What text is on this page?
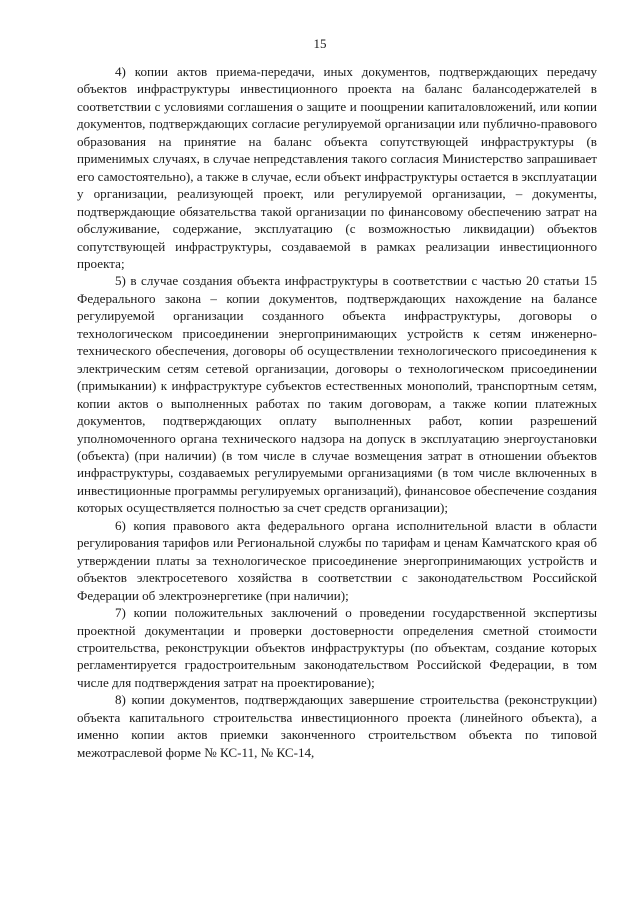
15

4) копии актов приема-передачи, иных документов, подтверждающих передачу объектов инфраструктуры инвестиционного проекта на баланс балансодержателей в соответствии с условиями соглашения о защите и поощрении капиталовложений, или копии документов, подтверждающих согласие регулируемой организации или публично-правового образования на принятие на баланс объекта сопутствующей инфраструктуры (в применимых случаях, в случае непредставления такого согласия Министерство запрашивает его самостоятельно), а также в случае, если объект инфраструктуры остается в эксплуатации у организации, реализующей проект, или регулируемой организации, – документы, подтверждающие обязательства такой организации по финансовому обеспечению затрат на обслуживание, содержание, эксплуатацию (с возможностью ликвидации) объектов сопутствующей инфраструктуры, создаваемой в рамках реализации инвестиционного проекта;

5) в случае создания объекта инфраструктуры в соответствии с частью 20 статьи 15 Федерального закона – копии документов, подтверждающих нахождение на балансе регулируемой организации созданного объекта инфраструктуры, договоры о технологическом присоединении энергопринимающих устройств к сетям инженерно-технического обеспечения, договоры об осуществлении технологического присоединения к электрическим сетям сетевой организации, договоры о технологическом присоединении (примыкании) к инфраструктуре субъектов естественных монополий, транспортным сетям, копии актов о выполненных работах по таким договорам, а также копии платежных документов, подтверждающих оплату выполненных работ, копии разрешений уполномоченного органа технического надзора на допуск в эксплуатацию энергоустановки (объекта) (при наличии) (в том числе в случае возмещения затрат в отношении объектов инфраструктуры, создаваемых регулируемыми организациями (в том числе включенных в инвестиционные программы регулируемых организаций), финансовое обеспечение создания которых осуществляется полностью за счет средств организации);

6) копия правового акта федерального органа исполнительной власти в области регулирования тарифов или Региональной службы по тарифам и ценам Камчатского края об утверждении платы за технологическое присоединение энергопринимающих устройств и объектов электросетевого хозяйства в соответствии с законодательством Российской Федерации об электроэнергетике (при наличии);

7) копии положительных заключений о проведении государственной экспертизы проектной документации и проверки достоверности определения сметной стоимости строительства, реконструкции объектов инфраструктуры (по объектам, создание которых регламентируется градостроительным законодательством Российской Федерации, в том числе для подтверждения затрат на проектирование);

8) копии документов, подтверждающих завершение строительства (реконструкции) объекта капитального строительства инвестиционного проекта (линейного объекта), а именно копии актов приемки законченного строительством объекта по типовой межотраслевой форме № КС-11, № КС-14,
